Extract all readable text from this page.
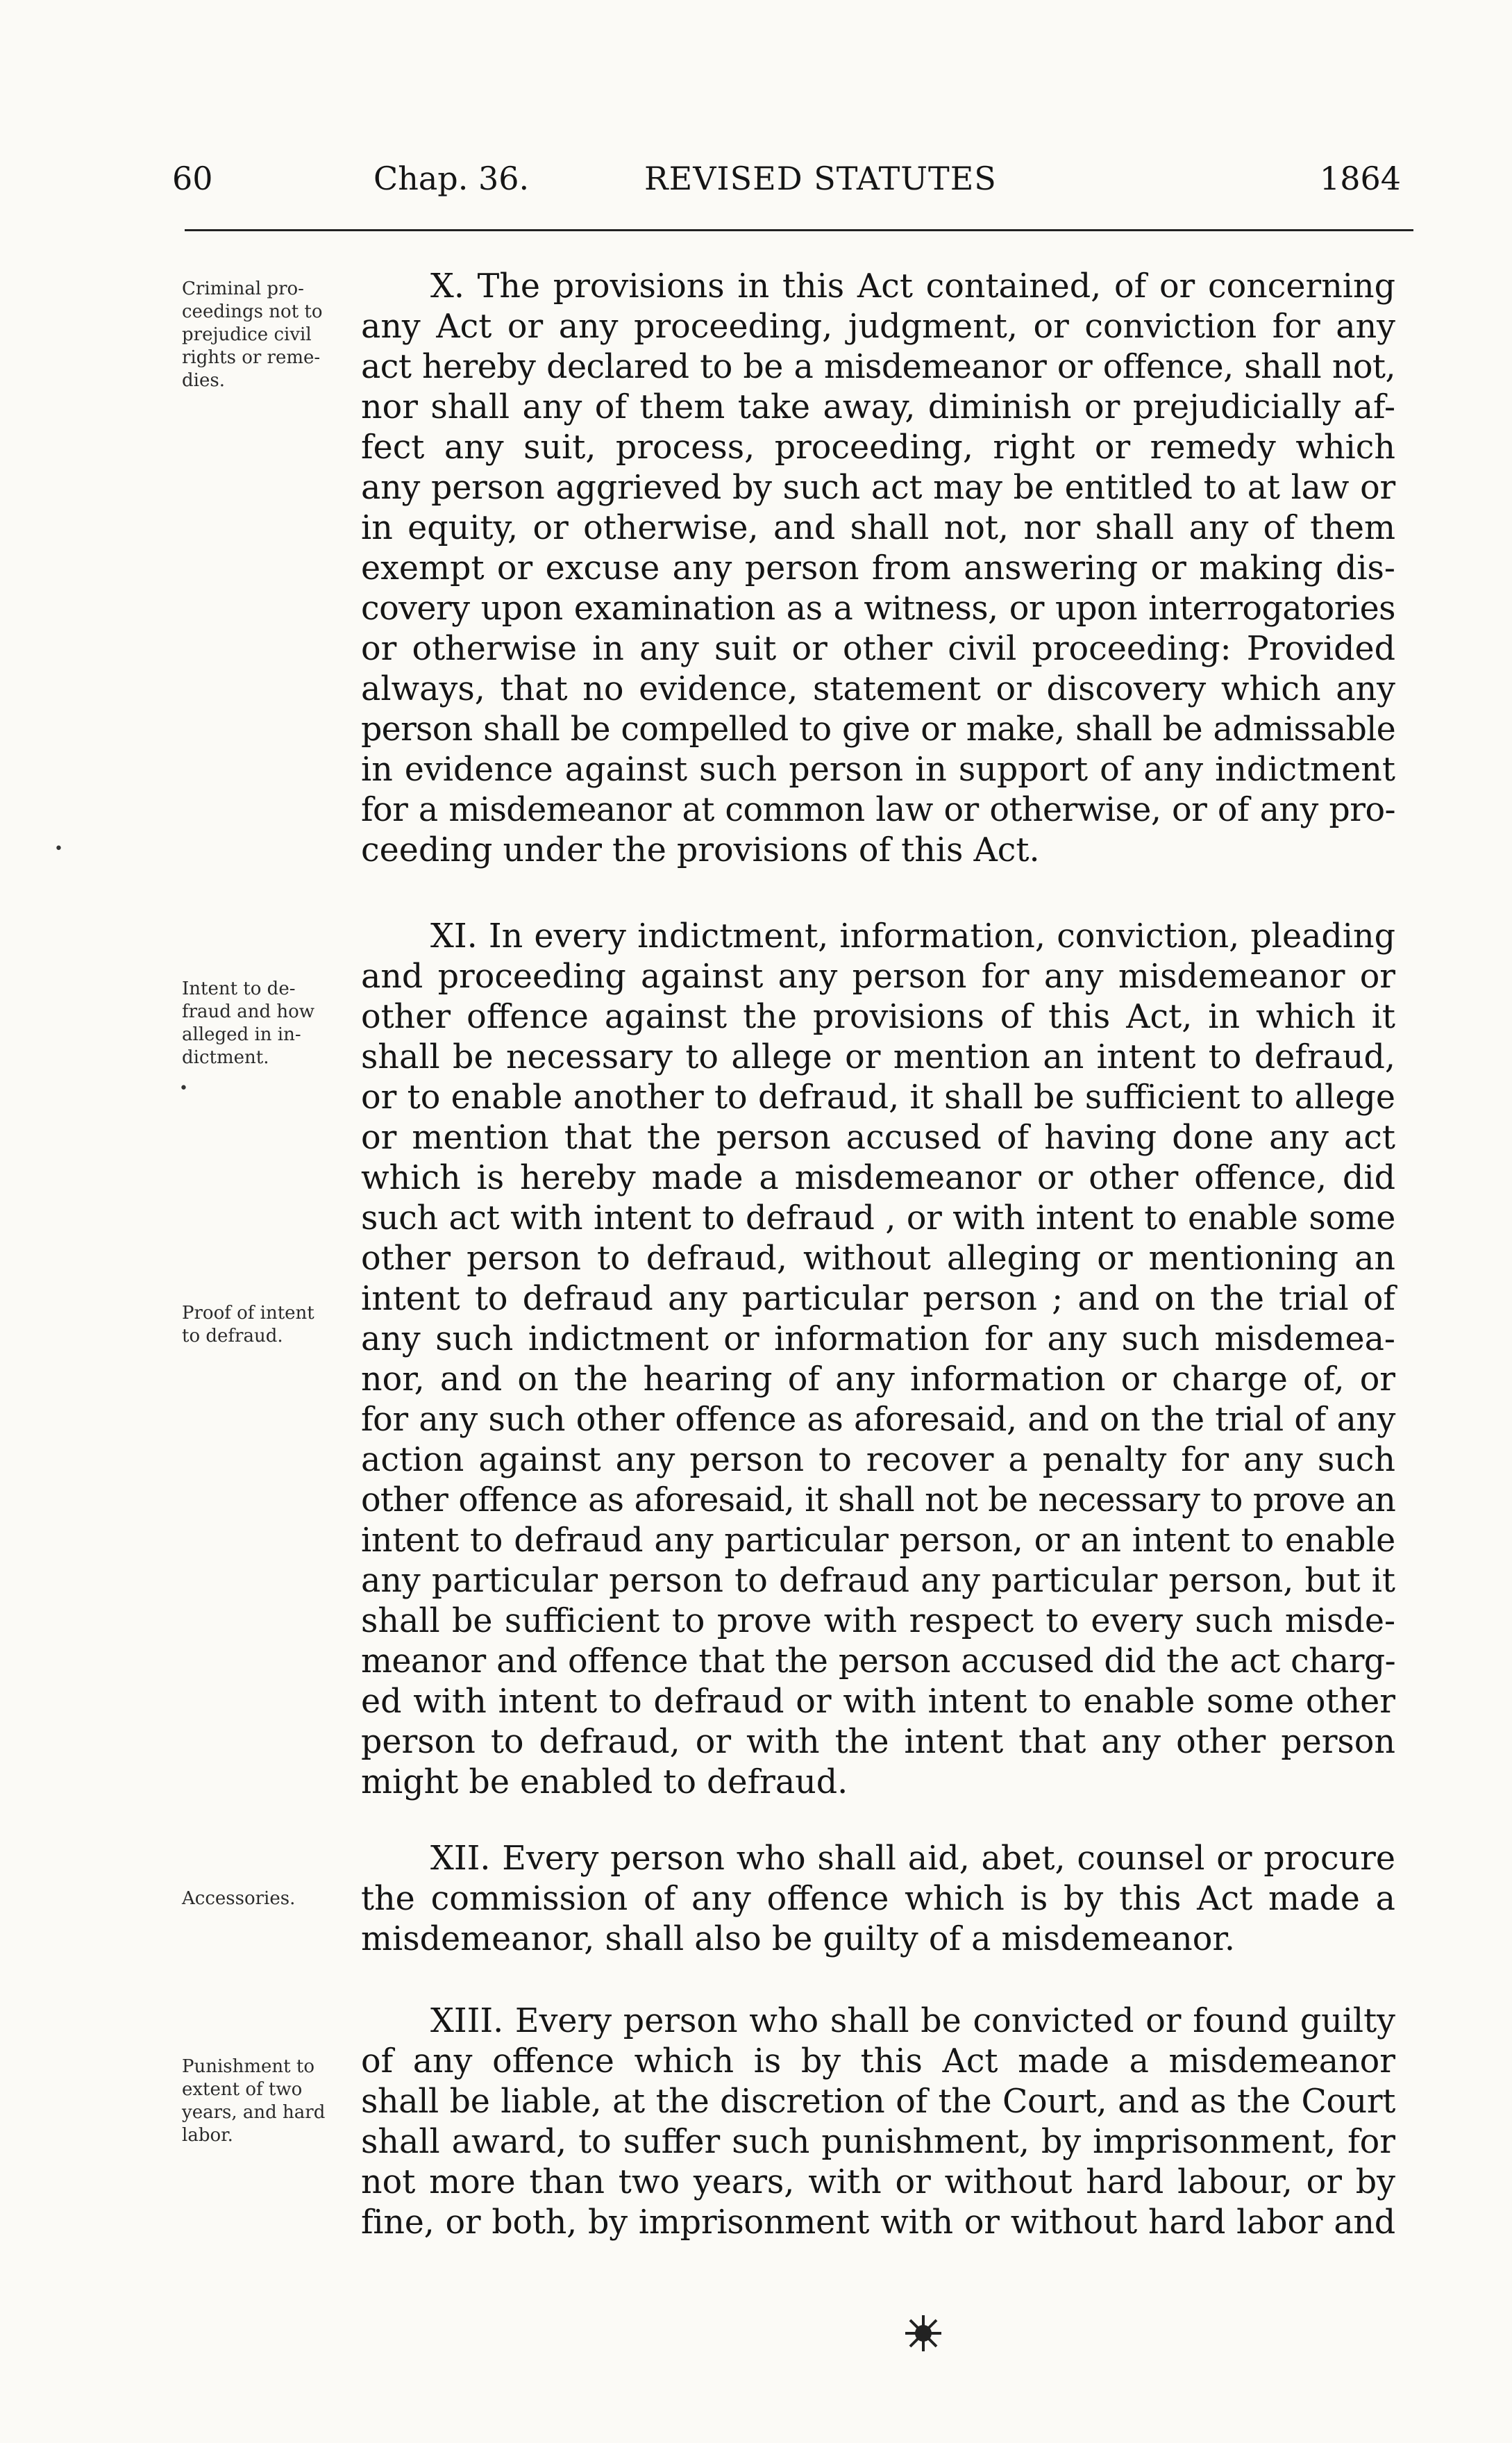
60	Chap. 36.	REVISED STATUTES	1864
Criminal pro-
ceedings not to
prejudice civil
rights or reme-
dies.

X. The provisions in this Act contained, of or concerning
any Act or any proceeding, judgment, or conviction for any
act hereby declared to be a misdemeanor or offence, shall not,
nor shall any of them take away, diminish or prejudicially af-
fect any suit, process, proceeding, right or remedy which
any person aggrieved by such act may be entitled to at law or
in equity, or otherwise, and shall not, nor shall any of them
exempt or excuse any person from answering or making dis-
covery upon examination as a witness, or upon interrogatories
or otherwise in any suit or other civil proceeding: Provided
always, that no evidence, statement or discovery which any
person shall be compelled to give or make, shall be admissable
in evidence against such person in support of any indictment
for a misdemeanor at common law or otherwise, or of any pro-
ceeding under the provisions of this Act.

•
Intent to de-
fraud and how
alleged in in-
dictment.
•
Proof of intent
to defraud.

XI. In every indictment, information, conviction, pleading
and proceeding against any person for any misdemeanor or
other offence against the provisions of this Act, in which it
shall be necessary to allege or mention an intent to defraud,
or to enable another to defraud, it shall be sufficient to allege
or mention that the person accused of having done any act
which is hereby made a misdemeanor or other offence, did
such act with intent to defraud , or with intent to enable some
other person to defraud, without alleging or mentioning an
intent to defraud any particular person ; and on the trial of
any such indictment or information for any such misdemea-
nor, and on the hearing of any information or charge of, or
for any such other offence as aforesaid, and on the trial of any
action against any person to recover a penalty for any such
other offence as aforesaid, it shall not be necessary to prove an
intent to defraud any particular person, or an intent to enable
any particular person to defraud any particular person, but it
shall be sufficient to prove with respect to every such misde-
meanor and offence that the person accused did the act charg-
ed with intent to defraud or with intent to enable some other
person to defraud, or with the intent that any other person
might be enabled to defraud.

Accessories.

XII. Every person who shall aid, abet, counsel or procure
the commission of any offence which is by this Act made a
misdemeanor, shall also be guilty of a misdemeanor.

Punishment to
extent of two
years, and hard
labor.

XIII. Every person who shall be convicted or found guilty
of any offence which is by this Act made a misdemeanor
shall be liable, at the discretion of the Court, and as the Court
shall award, to suffer such punishment, by imprisonment, for
not more than two years, with or without hard labour, or by
fine, or both, by imprisonment with or without hard labor and
